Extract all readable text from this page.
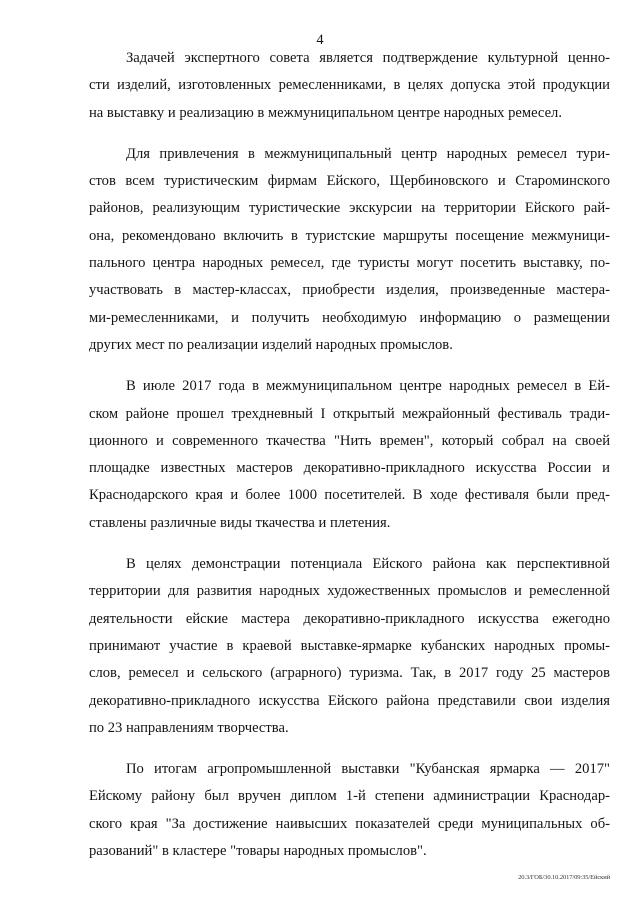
4

Задачей экспертного совета является подтверждение культурной ценно-
сти изделий, изготовленных ремесленниками, в целях допуска этой продукции
на выставку и реализацию в межмуниципальном центре народных ремесел.

Для привлечения в межмуниципальный центр народных ремесел тури-
стов всем туристическим фирмам Ейского, Щербиновского и Староминского
районов, реализующим туристические экскурсии на территории Ейского рай-
она, рекомендовано включить в туристские маршруты посещение межмуници-
пального центра народных ремесел, где туристы могут посетить выставку, по-
участвовать в мастер-классах, приобрести изделия, произведенные мастера-
ми-ремесленниками, и получить необходимую информацию о размещении
других мест по реализации изделий народных промыслов.

В июле 2017 года в межмуниципальном центре народных ремесел в Ей-
ском районе прошел трехдневный I открытый межрайонный фестиваль тради-
ционного и современного ткачества "Нить времен", который собрал на своей
площадке известных мастеров декоративно-прикладного искусства России и
Краснодарского края и более 1000 посетителей. В ходе фестиваля были пред-
ставлены различные виды ткачества и плетения.

В целях демонстрации потенциала Ейского района как перспективной
территории для развития народных художественных промыслов и ремесленной
деятельности ейские мастера декоративно-прикладного искусства ежегодно
принимают участие в краевой выставке-ярмарке кубанских народных промы-
слов, ремесел и сельского (аграрного) туризма. Так, в 2017 году 25 мастеров
декоративно-прикладного искусства Ейского района представили свои изделия
по 23 направлениям творчества.

По итогам агропромышленной выставки "Кубанская ярмарка — 2017"
Ейскому району был вручен диплом 1-й степени администрации Краснодар-
ского края "За достижение наивысших показателей среди муниципальных об-
разований" в кластере "товары народных промыслов".

20.3/ГОБ/30.10.2017/09:35/Ейский
